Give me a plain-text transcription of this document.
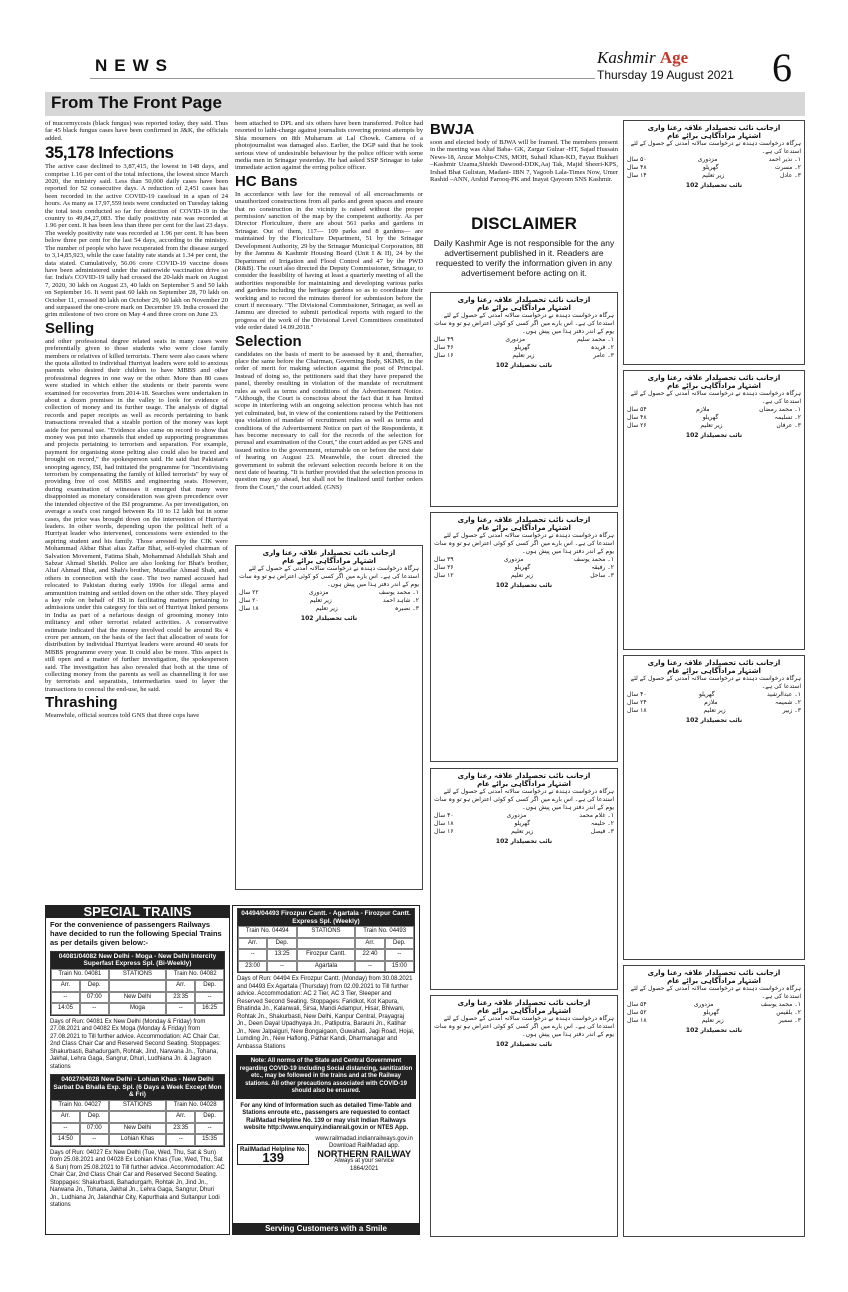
NEWS	Kashmir Age
Thursday 19 August 2021 6
From The Front Page

of mucormycosis (black fungus) was reported today, they said. Thus far 45 black fungus cases have been confirmed in J&K, the officials added.

35,178 Infections

The active case declined to 3,87,415, the lowest in 148 days, and comprise 1.16 per cent of the total infections, the lowest since March 2020, the ministry said. Less than 50,000 daily cases have been reported for 52 consecutive days. A reduction of 2,451 cases has been recorded in the active COVID-19 caseload in a span of 24 hours. As many as 17,97,559 tests were conducted on Tuesday taking the total tests conducted so far for detection of COVID-19 in the country to 49,84,27,083. The daily positivity rate was recorded at 1.96 per cent. It has been less than three per cent for the last 23 days. The weekly positivity rate was recorded at 1.96 per cent. It has been below three per cent for the last 54 days, according to the ministry. The number of people who have recuperated from the disease surged to 3,14,85,923, while the case fatality rate stands at 1.34 per cent, the data stated. Cumulatively, 56.06 crore COVID-19 vaccine doses have been administered under the nationwide vaccination drive so far. India's COVID-19 tally had crossed the 20-lakh mark on August 7, 2020, 30 lakh on August 23, 40 lakh on September 5 and 50 lakh on September 16. It went past 60 lakh on September 28, 70 lakh on October 11, crossed 80 lakh on October 29, 90 lakh on November 20 and surpassed the one-crore mark on December 19. India crossed the grim milestone of two crore on May 4 and three crore on June 23.

Selling

and other professional degree related seats in many cases were preferentially given to those students who were close family members or relatives of killed terrorists. There were also cases where the quota allotted to individual Hurriyat leaders were sold to anxious parents who desired their children to have MBBS and other professional degrees in one way or the other. More than 80 cases were studied in which either the students or their parents were examined for recoveries from 2014-18. Searches were undertaken in about a dozen premises in the valley to look for evidence of collection of money and its further usage. The analysis of digital records and paper receipts as well as records pertaining to bank transactions revealed that a sizable portion of the money was kept aside for personal use. "Evidence also came on record to show that money was put into channels that ended up supporting programmes and projects pertaining to terrorism and separation. For example, payment for organising stone pelting also could also be traced and brought on record," the spokesperson said. He said that Pakistan's snooping agency, ISI, had initiated the programme for "incentivising terrorism by compensating the family of killed terrorists" by way of providing free of cost MBBS and engineering seats. However, during examination of witnesses it emerged that many were disappointed as monetary consideration was given precedence over the intended objective of the ISI programme. As per investigation, on average a seat's cost ranged between Rs 10 to 12 lakh but in some cases, the price was brought down on the intervention of Hurriyat leaders. In other words, depending upon the political heft of a Hurriyat leader who intervened, concessions were extended to the aspiring student and his family. Those arrested by the CIK were Mohammad Akbar Bhat alias Zaffar Bhat, self-styled chairman of Salvation Movement, Fatima Shah, Mohammad Abdullah Shah and Sabzar Ahmad Sheikh. Police are also looking for Bhat's brother, Altaf Ahmad Bhat, and Shah's brother, Muzaffar Ahmad Shah, and others in connection with the case. The two named accused had relocated to Pakistan during early 1990s for illegal arms and ammunition training and settled down on the other side. They played a key role on behalf of ISI in facilitating matters pertaining to admissions under this category for this set of Hurriyat linked persons in India as part of a nefarious design of grooming money into militancy and other terrorist related activities. A conservative estimate indicated that the money involved could be around Rs 4 crore per annum, on the basis of the fact that allocation of seats for distribution by individual Hurriyat leaders were around 40 seats for MBBS programme every year. It could also be more. This aspect is still open and a matter of further investigation, the spokesperson said. The investigation has also revealed that both at the time of collecting money from the parents as well as channelling it for use by terrorists and separatists, intermediaries used to layer the transactions to conceal the end-use, he said.

Thrashing

Meanwhile, official sources told GNS that three cops have

been attached to DPL and six others have been transferred. Police had resorted to lathi-charge against journalists covering protest attempts by Shia mourners on 8th Muharram at Lal Chowk. Camera of a photojournalist was damaged also. Earlier, the DGP said that he took serious view of undesirable behaviour by the police officer with some media men in Srinagar yesterday. He had asked SSP Srinagar to take immediate action against the erring police officer.

HC Bans

In accordance with law for the removal of all encroachments or unauthorized constructions from all parks and green spaces and ensure that no construction in the vicinity is raised without the proper permission/ sanction of the map by the competent authority. As per Director Floriculture, there are about 561 parks and gardens in Srinagar. Out of them, 117— 109 parks and 8 gardens— are maintained by the Floriculture Department, 51 by the Srinagar Development Authority, 29 by the Srinagar Municipal Corporation, 88 by the Jammu & Kashmir Housing Board (Unit I & II), 24 by the Department of Irrigation and Flood Control and 47 by the PWD (R&B). The court also directed the Deputy Commissioner, Srinagar, to consider the feasibility of having at least a quarterly meeting of all the authorities responsible for maintaining and developing various parks and gardens including the heritage gardens so as to coordinate their working and to record the minutes thereof for submission before the court if necessary. "The Divisional Commissioner, Srinagar, as well as Jammu are directed to submit periodical reports with regard to the progress of the work of the Divisional Level Committees constituted vide order dated 14.09.2018."

Selection

candidates on the basis of merit to be assessed by it and, thereafter, place the same before the Chairman, Governing Body, SKIMS, in the order of merit for making selection against the post of Principal. Instead of doing so, the petitioners said that they have prepared the panel, thereby resulting in violation of the mandate of recruitment rules as well as terms and conditions of the Advertisement Notice. "Although, the Court is conscious about the fact that it has limited scope in interfering with an ongoing selection process which has not yet culminated, but, in view of the contentions raised by the Petitioners qua violation of mandate of recruitment rules as well as terms and conditions of the Advertisement Notice on part of the Respondents, it has become necessary to call for the records of the selection for perusal and examination of the Court," the court added as per GNS and issued notice to the government, returnable on or before the next date of hearing on August 23. Meanwhile, the court directed the government to submit the relevant selection records before it on the next date of hearing. "It is further provided that the selection process in question may go ahead, but shall not be finalized until further orders from the Court," the court added. (GNS)

ازجانب نائب تحصیلدار علاقہ رعنا واری
اشتہار مرادآگاہی برائے عام

ہرگاہ درخواست دہندہ نے درخواست سالانہ آمدنی کے حصول کے لئے استدعا کی ہے۔ اس بارے میں اگر کسی کو کوئی اعتراض ہو تو وہ سات یوم کے اندر دفتر ہذا میں پیش ہوں۔

۱۔ محمد یوسف
مزدوری
۲۲ سال
۲۔ شاہد احمد
زیر تعلیم
۲۰ سال
۳۔ نصیرہ
زیر تعلیم
۱۸ سال
نائب تحصیلدار 102
BWJA

soon and elected body of BJWA will be framed. The members present in the meeting was Altaf Baba- GK, Zargar Gulzar -HT, Sajad Hussain News-18, Anzar Mohju-CNS, MOH, Suhail Khan-KD, Fayaz Bukhari –Kashmir Uzama,Shiekh Dawood-DDK,Aaj Tak, Majid Sheeri-KPS, Irshad Bhat Gulistan, Madani- IBN 7, Yagoob Lala-Times Now, Umer Rashid –ANN, Arshid Farooq-PK and Inayat Qayoom SNS Kashmir.

DISCLAIMER

Daily Kashmir Age is not responsible for the any advertisement published in it. Readers are requested to verify the information given in any advertisement before acting on it.

ازجانب نائب تحصیلدار علاقہ رعنا واری
اشتہار مرادآگاہی برائے عام

ہرگاہ درخواست دہندہ نے درخواست سالانہ آمدنی کے حصول کے لئے استدعا کی ہے۔ اس بارے میں اگر کسی کو کوئی اعتراض ہو تو وہ سات یوم کے اندر دفتر ہذا میں پیش ہوں۔

۱۔ محمد سلیم
مزدوری
۴۹ سال
۲۔ فریدہ
گھریلو
۴۶ سال
۳۔ عامر
زیر تعلیم
۱۶ سال
نائب تحصیلدار 102
ازجانب نائب تحصیلدار علاقہ رعنا واری
اشتہار مرادآگاہی برائے عام

ہرگاہ درخواست دہندہ نے درخواست سالانہ آمدنی کے حصول کے لئے استدعا کی ہے۔ اس بارے میں اگر کسی کو کوئی اعتراض ہو تو وہ سات یوم کے اندر دفتر ہذا میں پیش ہوں۔

۱۔ محمد یوسف
مزدوری
۳۹ سال
۲۔ رفیقہ
گھریلو
۳۶ سال
۳۔ ساحل
زیر تعلیم
۱۲ سال
نائب تحصیلدار 102
ازجانب نائب تحصیلدار علاقہ رعنا واری
اشتہار مرادآگاہی برائے عام

ہرگاہ درخواست دہندہ نے درخواست سالانہ آمدنی کے حصول کے لئے استدعا کی ہے۔ اس بارے میں اگر کسی کو کوئی اعتراض ہو تو وہ سات یوم کے اندر دفتر ہذا میں پیش ہوں۔

۱۔ غلام محمد
مزدوری
۴۰ سال
۲۔ حلیمہ
گھریلو
۱۸ سال
۳۔ فیصل
زیر تعلیم
۱۶ سال
نائب تحصیلدار 102
ازجانب نائب تحصیلدار علاقہ رعنا واری
اشتہار مرادآگاہی برائے عام

ہرگاہ درخواست دہندہ نے درخواست سالانہ آمدنی کے حصول کے لئے استدعا کی ہے۔

۱۔ نذیر احمد
مزدوری
۵۰ سال
۲۔ مسرت
گھریلو
۴۸ سال
۳۔ عادل
زیر تعلیم
۱۴ سال
نائب تحصیلدار 102
ازجانب نائب تحصیلدار علاقہ رعنا واری
اشتہار مرادآگاہی برائے عام

ہرگاہ درخواست دہندہ نے درخواست سالانہ آمدنی کے حصول کے لئے استدعا کی ہے۔

۱۔ محمد رمضان
ملازم
۵۴ سال
۲۔ تسلیمہ
گھریلو
۴۸ سال
۳۔ عرفان
زیر تعلیم
۲۶ سال
نائب تحصیلدار 102
ازجانب نائب تحصیلدار علاقہ رعنا واری
اشتہار مرادآگاہی برائے عام

ہرگاہ درخواست دہندہ نے درخواست سالانہ آمدنی کے حصول کے لئے استدعا کی ہے۔

۱۔ عبدالرشید
گھریلو
۴۰ سال
۲۔ شمیمہ
ملازم
۲۴ سال
۳۔ زبیر
زیر تعلیم
۱۸ سال
نائب تحصیلدار 102
ازجانب نائب تحصیلدار علاقہ رعنا واری
اشتہار مرادآگاہی برائے عام

ہرگاہ درخواست دہندہ نے درخواست سالانہ آمدنی کے حصول کے لئے استدعا کی ہے۔

۱۔ محمد یوسف
مزدوری
۵۴ سال
۲۔ بلقیس
گھریلو
۵۲ سال
۳۔ سمیر
زیر تعلیم
۱۸ سال
نائب تحصیلدار 102
ازجانب نائب تحصیلدار علاقہ رعنا واری
اشتہار مرادآگاہی برائے عام

ہرگاہ درخواست دہندہ نے درخواست سالانہ آمدنی کے حصول کے لئے استدعا کی ہے۔ اس بارے میں اگر کسی کو کوئی اعتراض ہو تو وہ سات یوم کے اندر دفتر ہذا میں پیش ہوں۔

نائب تحصیلدار 102
SPECIAL TRAINS
For the convenience of passengers Railways have decided to run the following Special Trains as per details given below:-
04081/04082 New Delhi - Moga - New Delhi Intercity Superfast Express Spl. (Bi-Weekly)
Train No. 04081	STATIONS	Train No. 04082
Arr.	Dep.	Arr.	Dep.
--	07:00	New Delhi	23:35	--
14:05	--	Moga	--	16:25
Days of Run: 04081 Ex New Delhi (Monday & Friday) from 27.08.2021 and 04082 Ex Moga (Monday & Friday) from 27.08.2021 to Till further advice. Accommodation: AC Chair Car, 2nd Class Chair Car and Reserved Second Seating. Stoppages: Shakurbasti, Bahadurgarh, Rohtak, Jind, Narwana Jn., Tohana, Jakhal, Lehra Gaga, Sangrur, Dhuri, Ludhiana Jn. & Jagraon stations
04027/04028 New Delhi - Lohian Khas - New Delhi Sarbat Da Bhalla Exp. Spl. (6 Days a Week Except Mon & Fri)
Train No. 04027	STATIONS	Train No. 04028
Arr.	Dep.	Arr.	Dep.
--	07:00	New Delhi	23:35	--
14:50	--	Lohian Khas	--	15:35
Days of Run: 04027 Ex New Delhi (Tue, Wed, Thu, Sat & Sun) from 25.08.2021 and 04028 Ex Lohian Khas (Tue, Wed, Thu, Sat & Sun) from 25.08.2021 to Till further advice. Accommodation: AC Chair Car, 2nd Class Chair Car and Reserved Second Seating. Stoppages: Shakurbasti, Bahadurgarh, Rohtak Jn, Jind Jn., Narwana Jn., Tohana, Jakhal Jn., Lehra Gaga, Sangrur, Dhuri Jn., Ludhiana Jn, Jalandhar City, Kapurthala and Sultanpur Lodi stations
04494/04493 Firozpur Cantt. - Agartala - Firozpur Cantt. Express Spl. (Weekly)
Train No. 04494	STATIONS	Train No. 04493
Arr.	Dep.	Arr.	Dep.
--	13:25	Firozpur Cantt.	22:40	--
23:00	--	Agartala	--	15:00
Days of Run: 04494 Ex Firozpur Cantt. (Monday) from 30.08.2021 and 04493 Ex Agartala (Thursday) from 02.09.2021 to Till further advice. Accommodation: AC 2 Tier, AC 3 Tier, Sleeper and Reserved Second Seating. Stoppages: Faridkot, Kot Kapura, Bhatinda Jn., Kalanwali, Sirsa, Mandi Adampur, Hisar, Bhiwani, Rohtak Jn., Shakurbasti, New Delhi, Kanpur Central, Prayagraj Jn., Deen Dayal Upadhyaya Jn., Patliputra, Barauni Jn., Katihar Jn., New Jalpaiguri, New Bongaigaon, Guwahati, Jagi Road, Hojai, Lumding Jn., New Haflong, Pathar Kandi, Dharmanagar and Ambassa Stations
Note: All norms of the State and Central Government regarding COVID-19 including Social distancing, sanitization etc., may be followed in the trains and at the Railway stations. All other precautions associated with COVID-19 should also be ensured.
For any kind of Information such as detailed Time-Table and Stations enroute etc., passengers are requested to contact RailMadad Helpline No. 139 or may visit Indian Railways website http://www.enquiry.indianrail.gov.in or NTES App.
RailMadad Helpline No.
139
www.railmadad.indianrailways.gov.in
Download RailMadad app.
NORTHERN RAILWAY
Always at your service
1864/2021
Serving Customers with a Smile
